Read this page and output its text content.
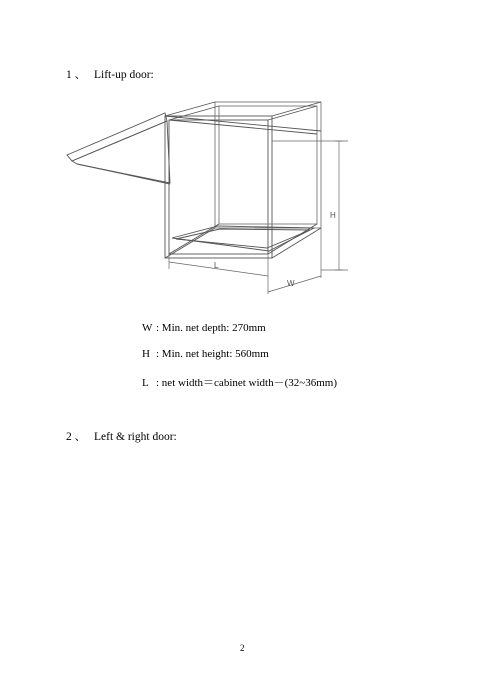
1 、 Lift-up door:
H
L
W
W : Min. net depth: 270mm
H : Min. net height: 560mm
L : net width＝cabinet width－(32~36mm)
2 、 Left & right door:
2
